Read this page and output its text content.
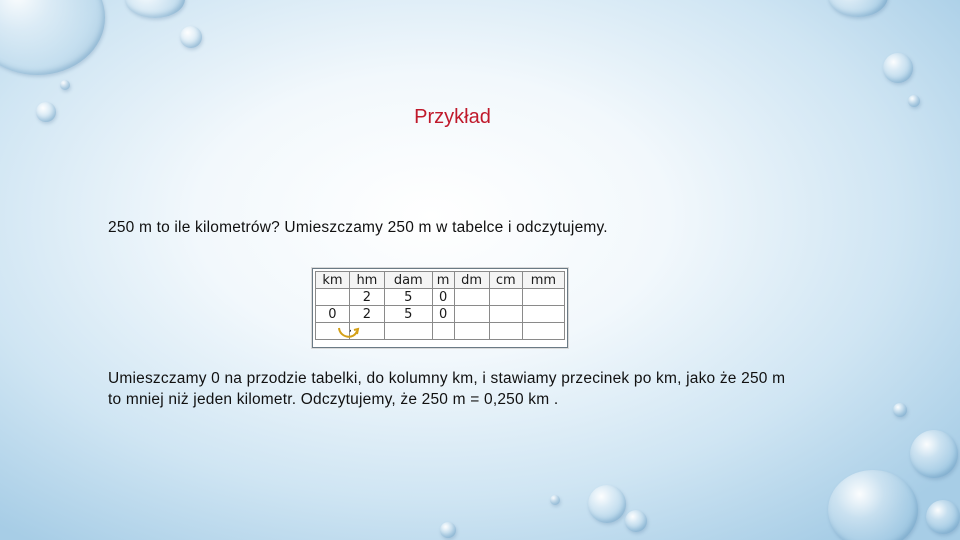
Przykład
250 m to ile kilometrów? Umieszczamy 250 m w tabelce i odczytujemy.
km	hm	dam	m	dm	cm	mm
	2	5	0			
0	2	5	0			

,
Umieszczamy 0 na przodzie tabelki, do kolumny km, i stawiamy przecinek po km, jako że 250 m
to mniej niż jeden kilometr. Odczytujemy, że 250 m = 0,250 km .
